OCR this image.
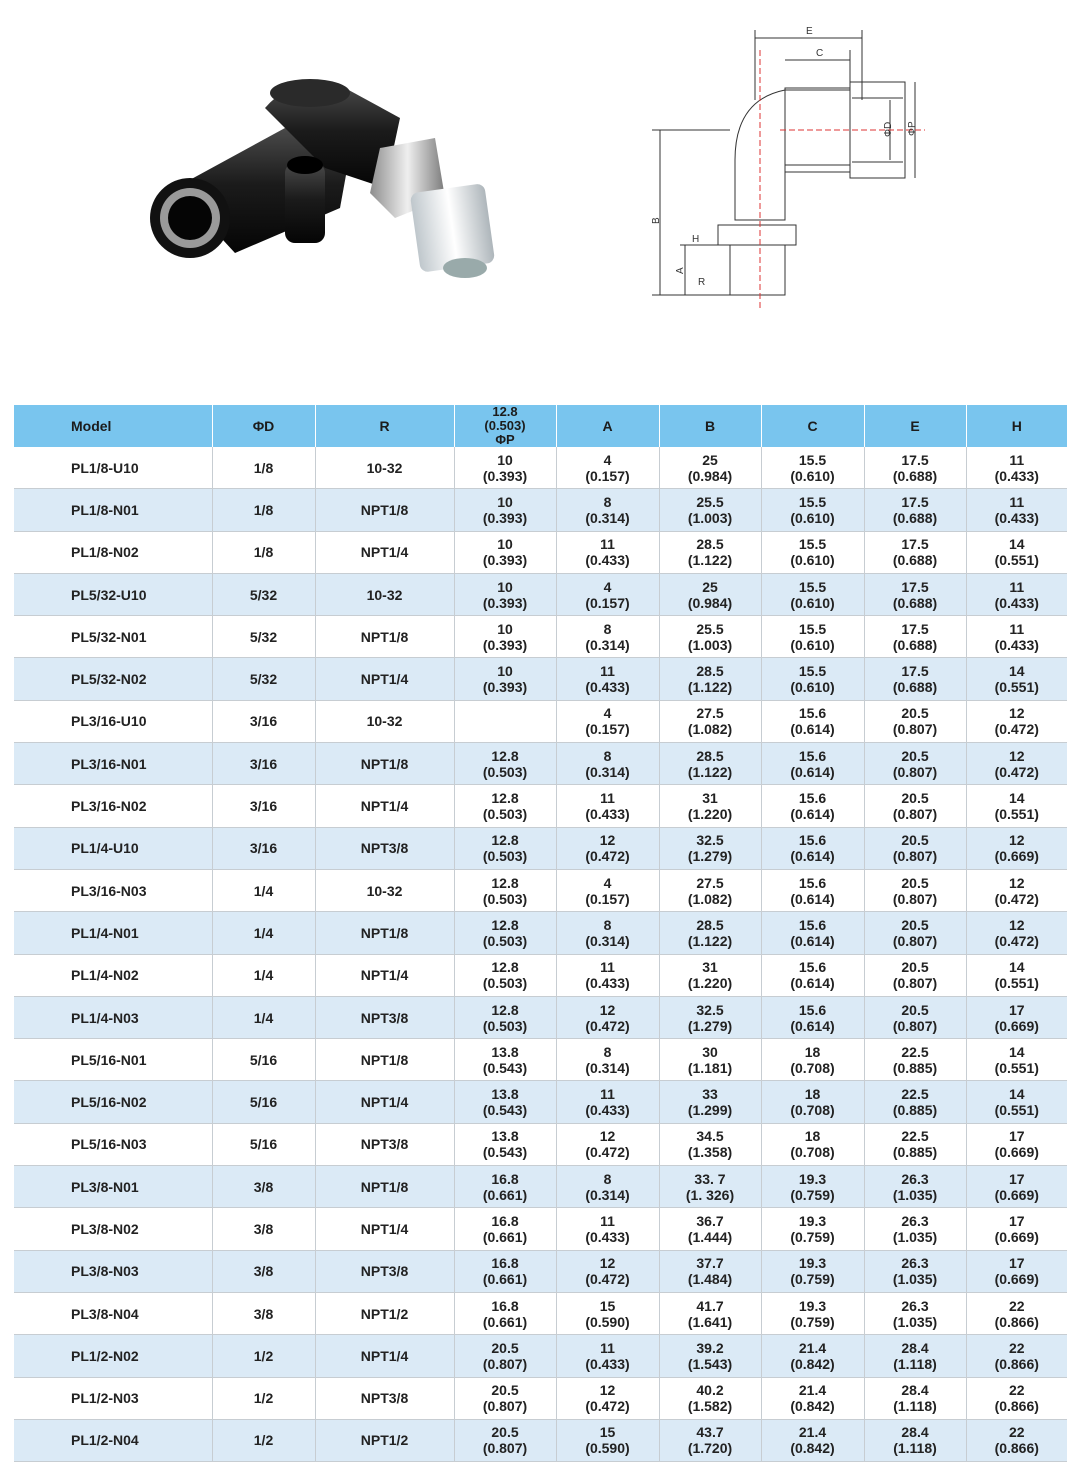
E
C
ΦD ΦP
B
H
A
R
Model	ΦD	R	12.8
(0.503)
ΦP	A	B	C	E	H

PL1/8-U10	1/8	10-32	10
(0.393)	4
(0.157)	25
(0.984)	15.5
(0.610)	17.5
(0.688)	11
(0.433)

PL1/8-N01	1/8	NPT1/8	10
(0.393)	8
(0.314)	25.5
(1.003)	15.5
(0.610)	17.5
(0.688)	11
(0.433)

PL1/8-N02	1/8	NPT1/4	10
(0.393)	11
(0.433)	28.5
(1.122)	15.5
(0.610)	17.5
(0.688)	14
(0.551)

PL5/32-U10	5/32	10-32	10
(0.393)	4
(0.157)	25
(0.984)	15.5
(0.610)	17.5
(0.688)	11
(0.433)

PL5/32-N01	5/32	NPT1/8	10
(0.393)	8
(0.314)	25.5
(1.003)	15.5
(0.610)	17.5
(0.688)	11
(0.433)

PL5/32-N02	5/32	NPT1/4	10
(0.393)	11
(0.433)	28.5
(1.122)	15.5
(0.610)	17.5
(0.688)	14
(0.551)

PL3/16-U10	3/16	10-32		4
(0.157)	27.5
(1.082)	15.6
(0.614)	20.5
(0.807)	12
(0.472)

PL3/16-N01	3/16	NPT1/8	12.8
(0.503)	8
(0.314)	28.5
(1.122)	15.6
(0.614)	20.5
(0.807)	12
(0.472)

PL3/16-N02	3/16	NPT1/4	12.8
(0.503)	11
(0.433)	31
(1.220)	15.6
(0.614)	20.5
(0.807)	14
(0.551)

PL1/4-U10	3/16	NPT3/8	12.8
(0.503)	12
(0.472)	32.5
(1.279)	15.6
(0.614)	20.5
(0.807)	12
(0.669)

PL3/16-N03	1/4	10-32	12.8
(0.503)	4
(0.157)	27.5
(1.082)	15.6
(0.614)	20.5
(0.807)	12
(0.472)

PL1/4-N01	1/4	NPT1/8	12.8
(0.503)	8
(0.314)	28.5
(1.122)	15.6
(0.614)	20.5
(0.807)	12
(0.472)

PL1/4-N02	1/4	NPT1/4	12.8
(0.503)	11
(0.433)	31
(1.220)	15.6
(0.614)	20.5
(0.807)	14
(0.551)

PL1/4-N03	1/4	NPT3/8	12.8
(0.503)	12
(0.472)	32.5
(1.279)	15.6
(0.614)	20.5
(0.807)	17
(0.669)

PL5/16-N01	5/16	NPT1/8	13.8
(0.543)	8
(0.314)	30
(1.181)	18
(0.708)	22.5
(0.885)	14
(0.551)

PL5/16-N02	5/16	NPT1/4	13.8
(0.543)	11
(0.433)	33
(1.299)	18
(0.708)	22.5
(0.885)	14
(0.551)

PL5/16-N03	5/16	NPT3/8	13.8
(0.543)	12
(0.472)	34.5
(1.358)	18
(0.708)	22.5
(0.885)	17
(0.669)

PL3/8-N01	3/8	NPT1/8	16.8
(0.661)	8
(0.314)	33. 7
(1. 326)	19.3
(0.759)	26.3
(1.035)	17
(0.669)

PL3/8-N02	3/8	NPT1/4	16.8
(0.661)	11
(0.433)	36.7
(1.444)	19.3
(0.759)	26.3
(1.035)	17
(0.669)

PL3/8-N03	3/8	NPT3/8	16.8
(0.661)	12
(0.472)	37.7
(1.484)	19.3
(0.759)	26.3
(1.035)	17
(0.669)

PL3/8-N04	3/8	NPT1/2	16.8
(0.661)	15
(0.590)	41.7
(1.641)	19.3
(0.759)	26.3
(1.035)	22
(0.866)

PL1/2-N02	1/2	NPT1/4	20.5
(0.807)	11
(0.433)	39.2
(1.543)	21.4
(0.842)	28.4
(1.118)	22
(0.866)

PL1/2-N03	1/2	NPT3/8	20.5
(0.807)	12
(0.472)	40.2
(1.582)	21.4
(0.842)	28.4
(1.118)	22
(0.866)

PL1/2-N04	1/2	NPT1/2	20.5
(0.807)	15
(0.590)	43.7
(1.720)	21.4
(0.842)	28.4
(1.118)	22
(0.866)
